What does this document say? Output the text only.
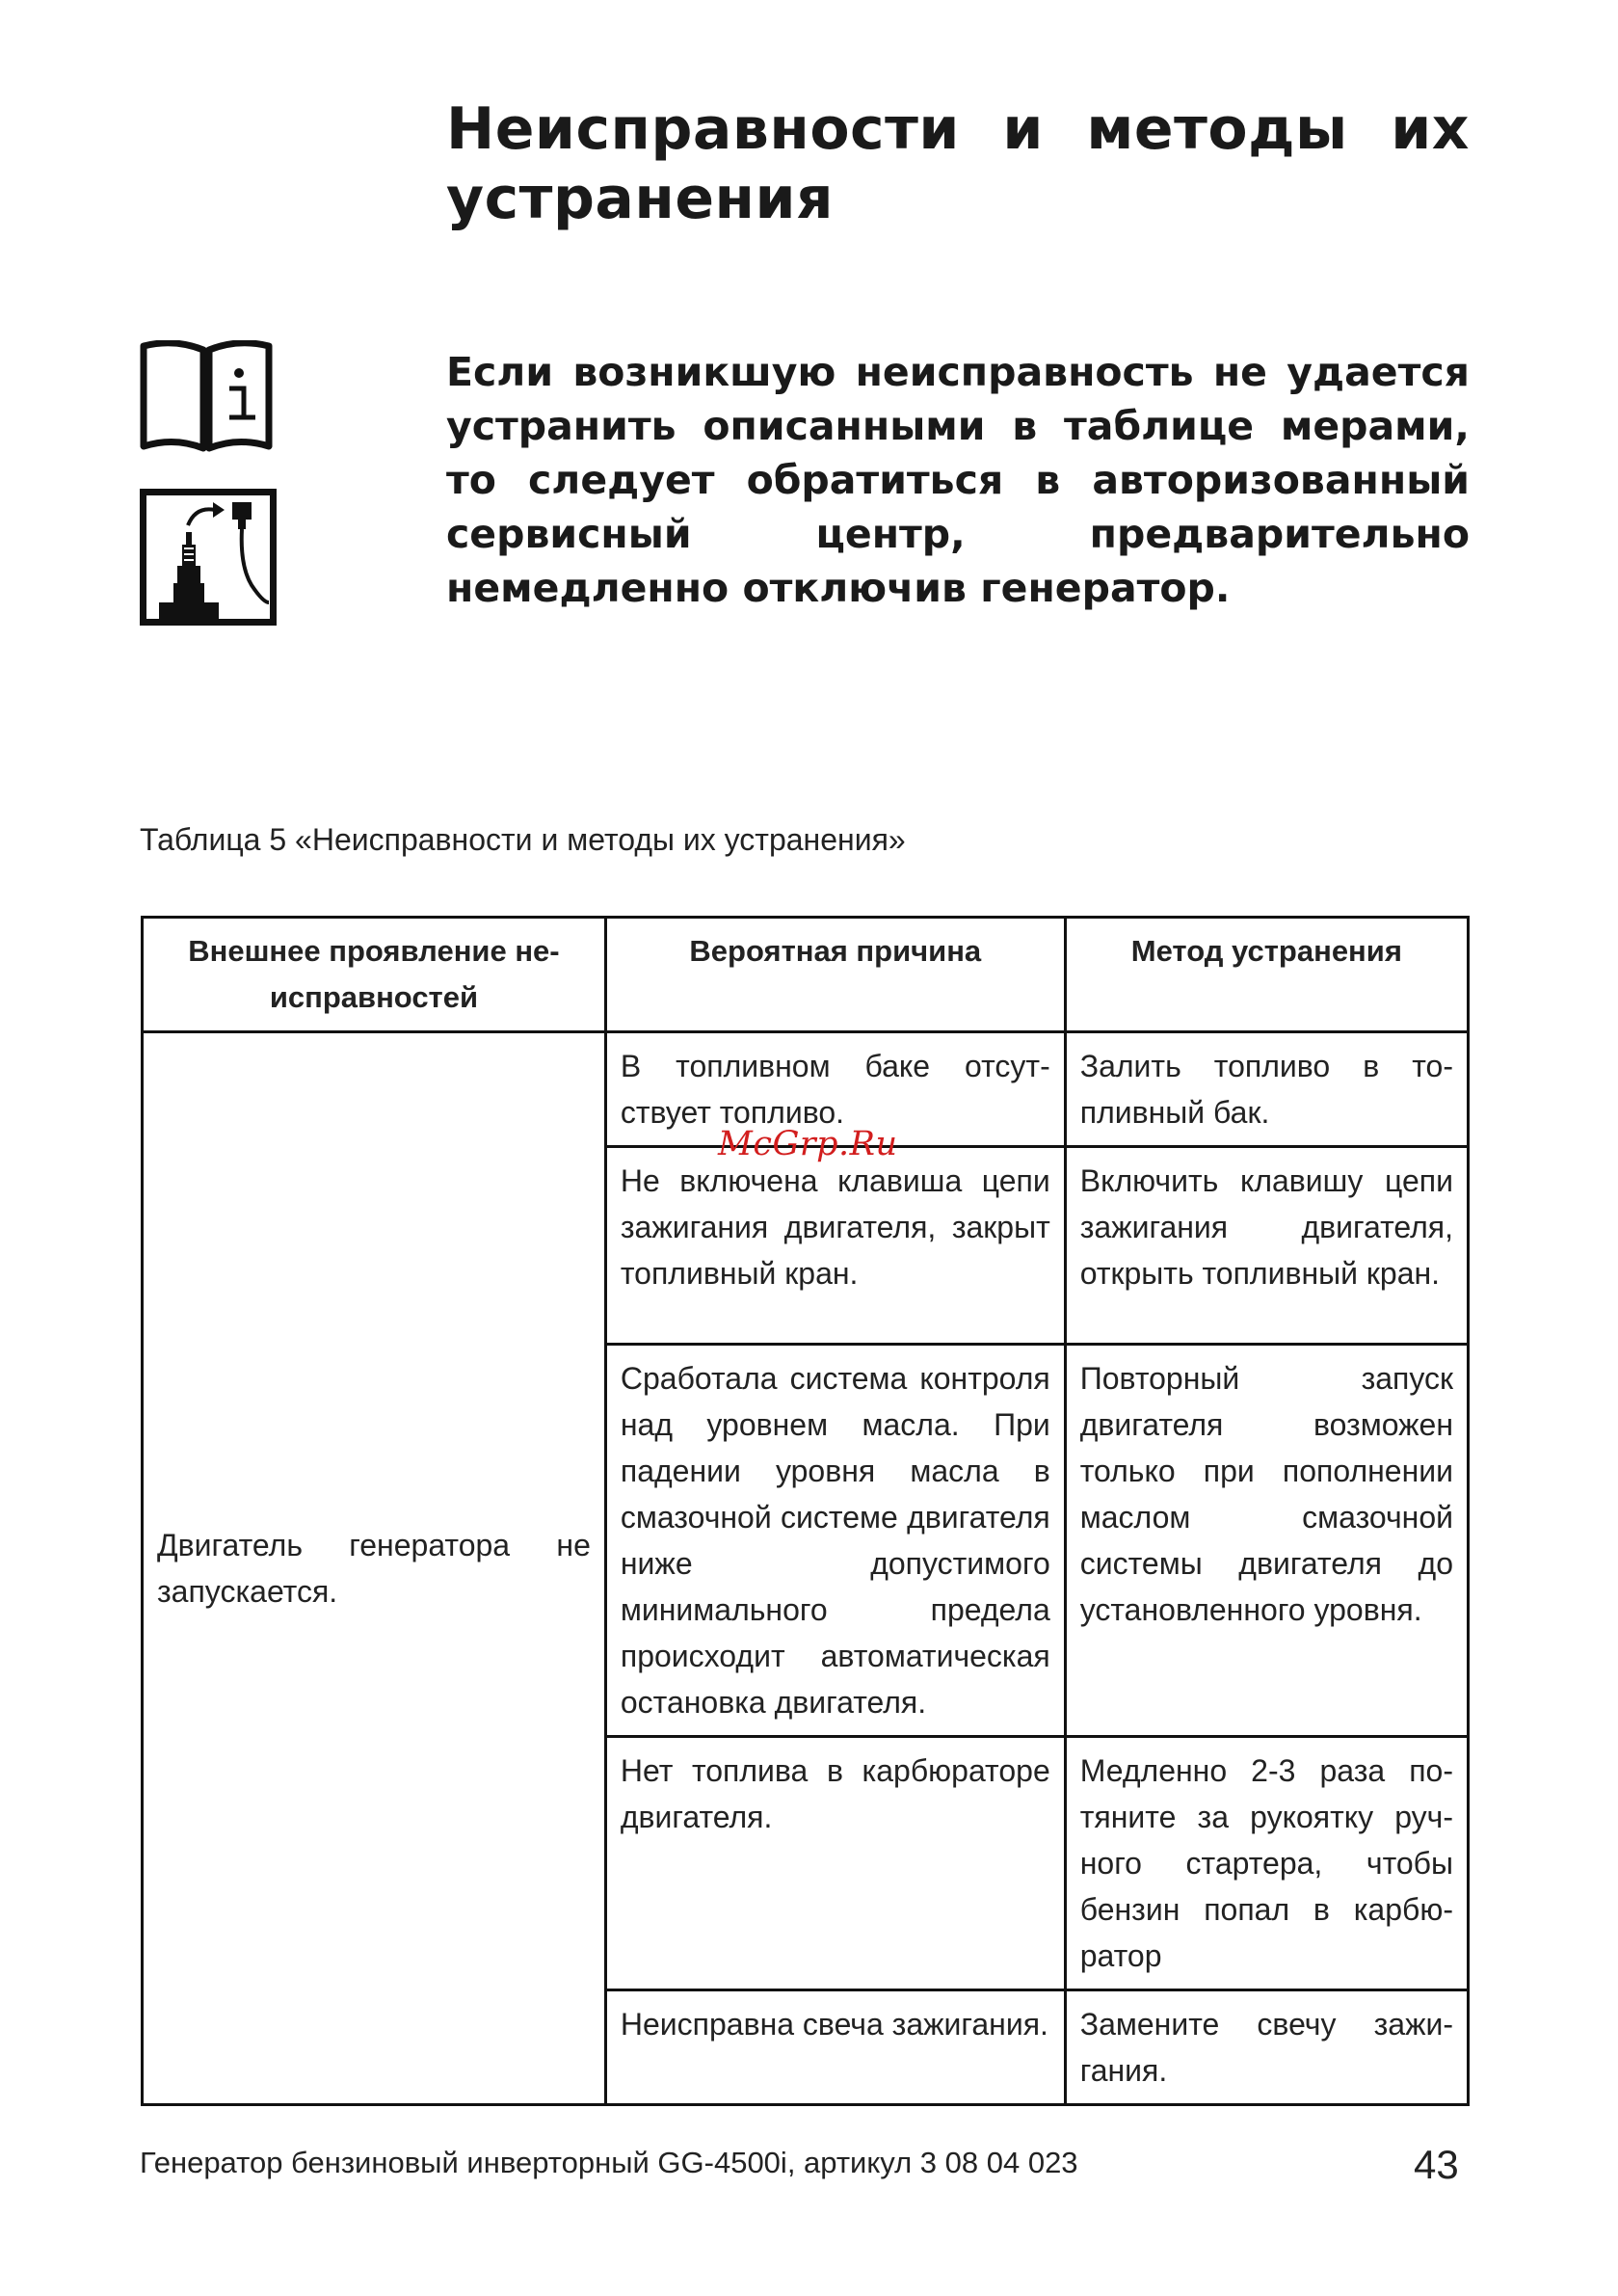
Неисправности и методы их устранения

Если возникшую неисправность не удается устранить описанными в таблице мерами, то следует обратиться в авторизованный сервисный центр, предварительно немедленно отключив генератор.

Таблица 5 «Неисправности и методы их устранения»

Внешнее проявление неисправностей	Вероятная причина	Метод устранения
Двигатель генератора не запускается.	В топливном баке отсутствует топливо.	Залить топливо в топливный бак.
	Не включена клавиша цепи зажигания двигателя, закрыт топливный кран.	Включить клавишу цепи зажигания двигателя, открыть топливный кран.
	Сработала система контроля над уровнем масла. При падении уровня масла в смазочной системе двигателя ниже допустимого минимального предела происходит автоматическая остановка двигателя.	Повторный запуск двигателя возможен только при пополнении маслом смазочной системы двигателя до установленного уровня.
	Нет топлива в карбюраторе двигателя.	Медленно 2-3 раза потяните за рукоятку ручного стартера, чтобы бензин попал в карбюратор
	Неисправна свеча зажигания.	Замените свечу зажигания.
McGrp.Ru

Генератор бензиновый инверторный GG-4500i, артикул 3 08 04 023	43
